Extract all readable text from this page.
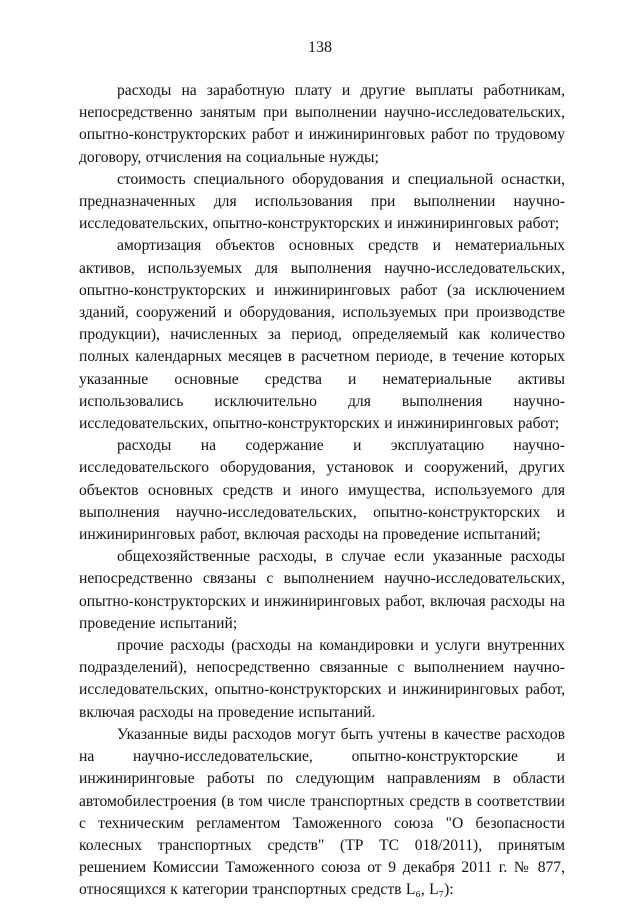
138

расходы на заработную плату и другие выплаты работникам, непосредственно занятым при выполнении научно-исследовательских, опытно-конструкторских работ и инжиниринговых работ по трудовому договору, отчисления на социальные нужды;

стоимость специального оборудования и специальной оснастки, предназначенных для использования при выполнении научно-исследовательских, опытно-конструкторских и инжиниринговых работ;

амортизация объектов основных средств и нематериальных активов, используемых для выполнения научно-исследовательских, опытно-конструкторских и инжиниринговых работ (за исключением зданий, сооружений и оборудования, используемых при производстве продукции), начисленных за период, определяемый как количество полных календарных месяцев в расчетном периоде, в течение которых указанные основные средства и нематериальные активы использовались исключительно для выполнения научно-исследовательских, опытно-конструкторских и инжиниринговых работ;

расходы на содержание и эксплуатацию научно-исследовательского оборудования, установок и сооружений, других объектов основных средств и иного имущества, используемого для выполнения научно-исследовательских, опытно-конструкторских и инжиниринговых работ, включая расходы на проведение испытаний;

общехозяйственные расходы, в случае если указанные расходы непосредственно связаны с выполнением научно-исследовательских, опытно-конструкторских и инжиниринговых работ, включая расходы на проведение испытаний;

прочие расходы (расходы на командировки и услуги внутренних подразделений), непосредственно связанные с выполнением научно-исследовательских, опытно-конструкторских и инжиниринговых работ, включая расходы на проведение испытаний.

Указанные виды расходов могут быть учтены в качестве расходов на научно-исследовательские, опытно-конструкторские и инжиниринговые работы по следующим направлениям в области автомобилестроения (в том числе транспортных средств в соответствии с техническим регламентом Таможенного союза "О безопасности колесных транспортных средств" (ТР ТС 018/2011), принятым решением Комиссии Таможенного союза от 9 декабря 2011 г. № 877, относящихся к категории транспортных средств L₆, L₇):
